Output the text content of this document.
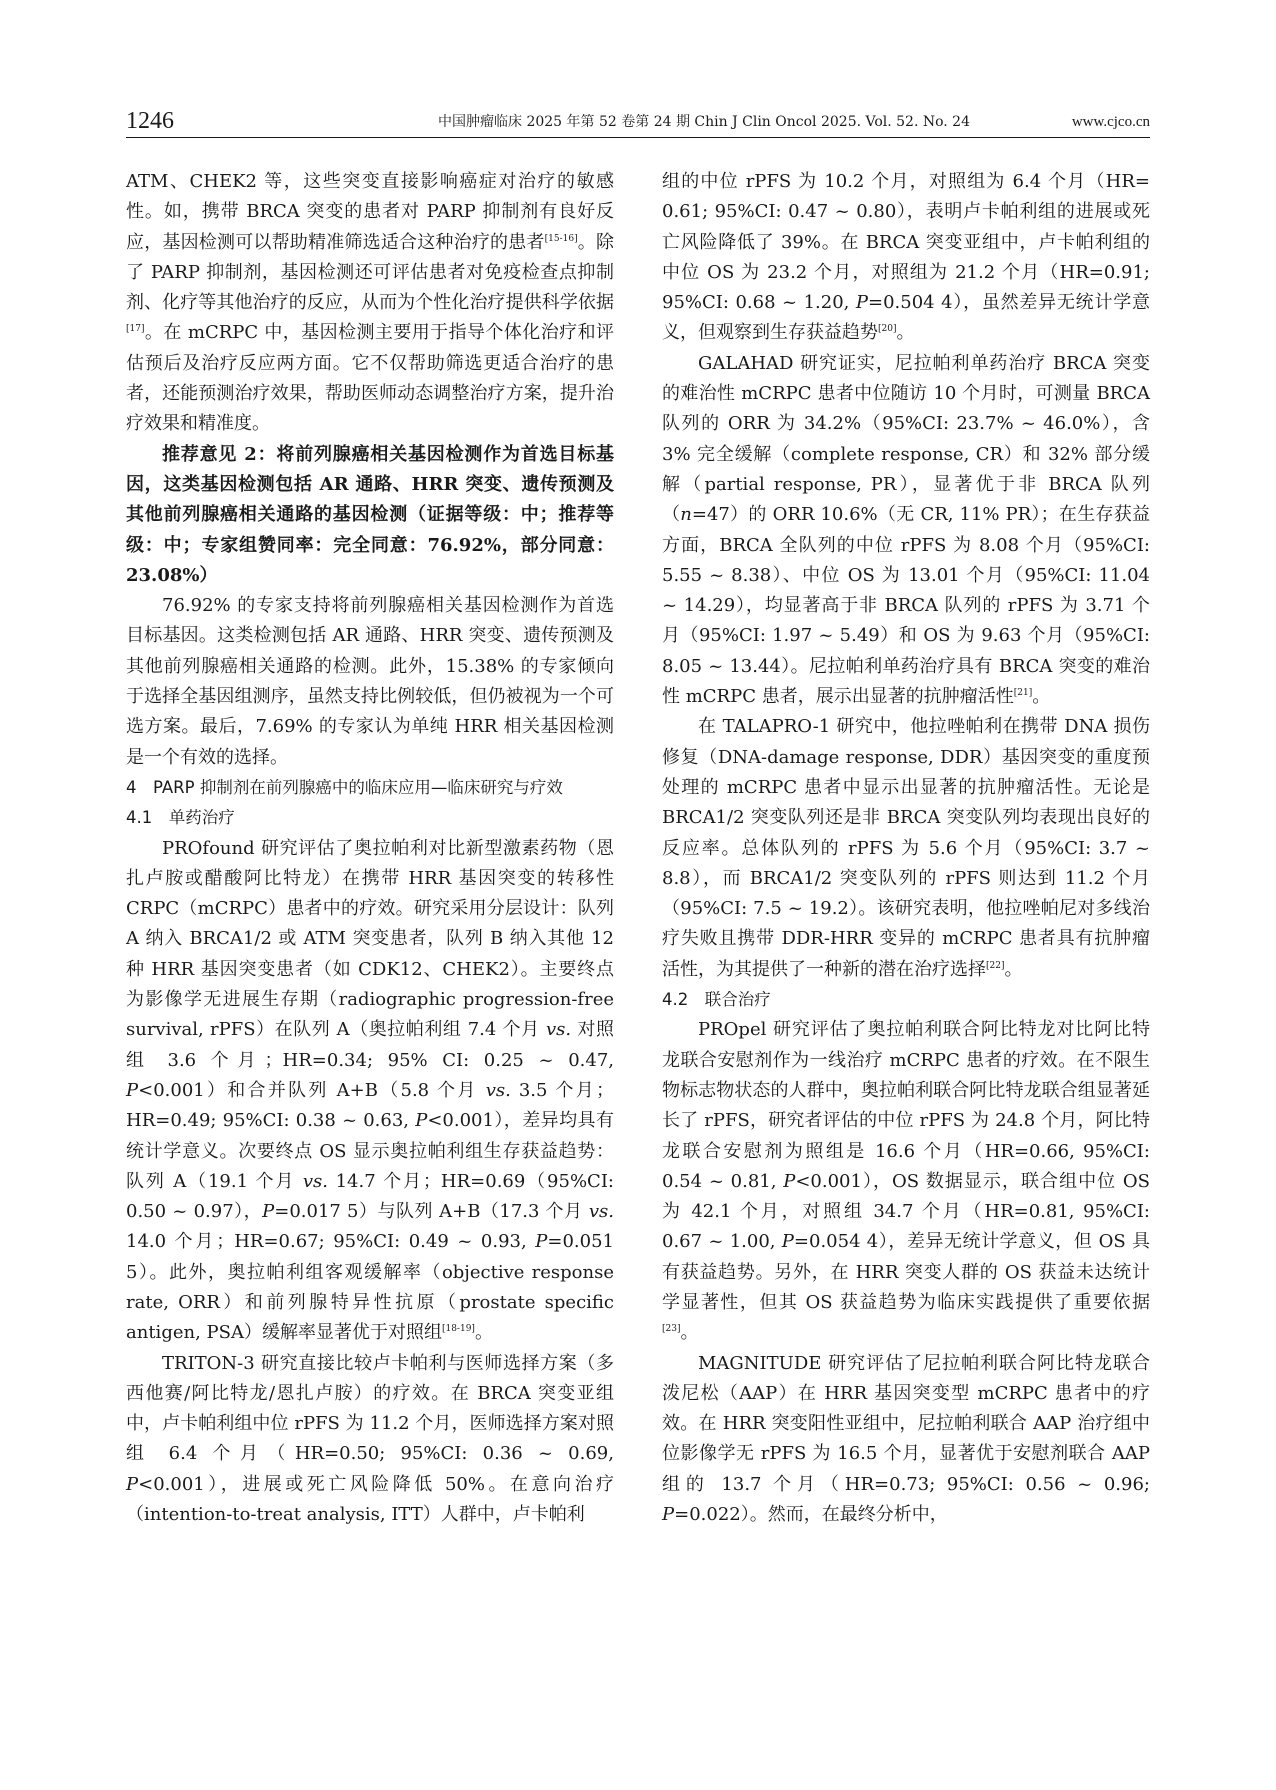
1246	中国肿瘤临床 2025 年第 52 卷第 24 期 Chin J Clin Oncol 2025. Vol. 52. No. 24	www.cjco.cn

ATM、CHEK2 等，这些突变直接影响癌症对治疗的敏感性。如，携带 BRCA 突变的患者对 PARP 抑制剂有良好反应，基因检测可以帮助精准筛选适合这种治疗的患者[15-16]。除了 PARP 抑制剂，基因检测还可评估患者对免疫检查点抑制剂、化疗等其他治疗的反应，从而为个性化治疗提供科学依据[17]。在 mCRPC 中，基因检测主要用于指导个体化治疗和评估预后及治疗反应两方面。它不仅帮助筛选更适合治疗的患者，还能预测治疗效果，帮助医师动态调整治疗方案，提升治疗效果和精准度。

推荐意见 2：将前列腺癌相关基因检测作为首选目标基因，这类基因检测包括 AR 通路、HRR 突变、遗传预测及其他前列腺癌相关通路的基因检测（证据等级：中；推荐等级：中；专家组赞同率：完全同意：76.92%，部分同意：23.08%）

76.92% 的专家支持将前列腺癌相关基因检测作为首选目标基因。这类检测包括 AR 通路、HRR 突变、遗传预测及其他前列腺癌相关通路的检测。此外，15.38% 的专家倾向于选择全基因组测序，虽然支持比例较低，但仍被视为一个可选方案。最后，7.69% 的专家认为单纯 HRR 相关基因检测是一个有效的选择。

4　PARP 抑制剂在前列腺癌中的临床应用—临床研究与疗效

4.1　单药治疗

PROfound 研究评估了奥拉帕利对比新型激素药物（恩扎卢胺或醋酸阿比特龙）在携带 HRR 基因突变的转移性 CRPC（mCRPC）患者中的疗效。研究采用分层设计：队列 A 纳入 BRCA1/2 或 ATM 突变患者，队列 B 纳入其他 12 种 HRR 基因突变患者（如 CDK12、CHEK2）。主要终点为影像学无进展生存期（radiographic progression-free survival, rPFS）在队列 A（奥拉帕利组 7.4 个月 vs. 对照组 3.6 个月；HR=0.34; 95% CI: 0.25 ~ 0.47, P<0.001）和合并队列 A+B（5.8 个月 vs. 3.5 个月；HR=0.49; 95%CI: 0.38 ~ 0.63, P<0.001），差异均具有统计学意义。次要终点 OS 显示奥拉帕利组生存获益趋势：队列 A（19.1 个月 vs. 14.7 个月；HR=0.69（95%CI: 0.50 ~ 0.97），P=0.017 5）与队列 A+B（17.3 个月 vs. 14.0 个月；HR=0.67; 95%CI: 0.49 ~ 0.93, P=0.051 5）。此外，奥拉帕利组客观缓解率（objective response rate, ORR）和前列腺特异性抗原（prostate specific antigen, PSA）缓解率显著优于对照组[18-19]。

TRITON-3 研究直接比较卢卡帕利与医师选择方案（多西他赛/阿比特龙/恩扎卢胺）的疗效。在 BRCA 突变亚组中，卢卡帕利组中位 rPFS 为 11.2 个月，医师选择方案对照组 6.4 个月（HR=0.50; 95%CI: 0.36 ~ 0.69, P<0.001），进展或死亡风险降低 50%。在意向治疗（intention-to-treat analysis, ITT）人群中，卢卡帕利

组的中位 rPFS 为 10.2 个月，对照组为 6.4 个月（HR= 0.61; 95%CI: 0.47 ~ 0.80），表明卢卡帕利组的进展或死亡风险降低了 39%。在 BRCA 突变亚组中，卢卡帕利组的中位 OS 为 23.2 个月，对照组为 21.2 个月（HR=0.91; 95%CI: 0.68 ~ 1.20, P=0.504 4），虽然差异无统计学意义，但观察到生存获益趋势[20]。

GALAHAD 研究证实，尼拉帕利单药治疗 BRCA 突变的难治性 mCRPC 患者中位随访 10 个月时，可测量 BRCA 队列的 ORR 为 34.2%（95%CI: 23.7% ~ 46.0%），含 3% 完全缓解（complete response, CR）和 32% 部分缓解（partial response, PR），显著优于非 BRCA 队列（n=47）的 ORR 10.6%（无 CR, 11% PR）；在生存获益方面，BRCA 全队列的中位 rPFS 为 8.08 个月（95%CI: 5.55 ~ 8.38）、中位 OS 为 13.01 个月（95%CI: 11.04 ~ 14.29），均显著高于非 BRCA 队列的 rPFS 为 3.71 个月（95%CI: 1.97 ~ 5.49）和 OS 为 9.63 个月（95%CI: 8.05 ~ 13.44）。尼拉帕利单药治疗具有 BRCA 突变的难治性 mCRPC 患者，展示出显著的抗肿瘤活性[21]。

在 TALAPRO-1 研究中，他拉唑帕利在携带 DNA 损伤修复（DNA-damage response, DDR）基因突变的重度预处理的 mCRPC 患者中显示出显著的抗肿瘤活性。无论是 BRCA1/2 突变队列还是非 BRCA 突变队列均表现出良好的反应率。总体队列的 rPFS 为 5.6 个月（95%CI: 3.7 ~ 8.8），而 BRCA1/2 突变队列的 rPFS 则达到 11.2 个月（95%CI: 7.5 ~ 19.2）。该研究表明，他拉唑帕尼对多线治疗失败且携带 DDR-HRR 变异的 mCRPC 患者具有抗肿瘤活性，为其提供了一种新的潜在治疗选择[22]。

4.2　联合治疗

PROpel 研究评估了奥拉帕利联合阿比特龙对比阿比特龙联合安慰剂作为一线治疗 mCRPC 患者的疗效。在不限生物标志物状态的人群中，奥拉帕利联合阿比特龙联合组显著延长了 rPFS，研究者评估的中位 rPFS 为 24.8 个月，阿比特龙联合安慰剂为照组是 16.6 个月（HR=0.66, 95%CI: 0.54 ~ 0.81, P<0.001），OS 数据显示，联合组中位 OS 为 42.1 个月，对照组 34.7 个月（HR=0.81, 95%CI: 0.67 ~ 1.00, P=0.054 4），差异无统计学意义，但 OS 具有获益趋势。另外，在 HRR 突变人群的 OS 获益未达统计学显著性，但其 OS 获益趋势为临床实践提供了重要依据[23]。

MAGNITUDE 研究评估了尼拉帕利联合阿比特龙联合泼尼松（AAP）在 HRR 基因突变型 mCRPC 患者中的疗效。在 HRR 突变阳性亚组中，尼拉帕利联合 AAP 治疗组中位影像学无 rPFS 为 16.5 个月，显著优于安慰剂联合 AAP 组的 13.7 个月（HR=0.73; 95%CI: 0.56 ~ 0.96; P=0.022）。然而，在最终分析中，
